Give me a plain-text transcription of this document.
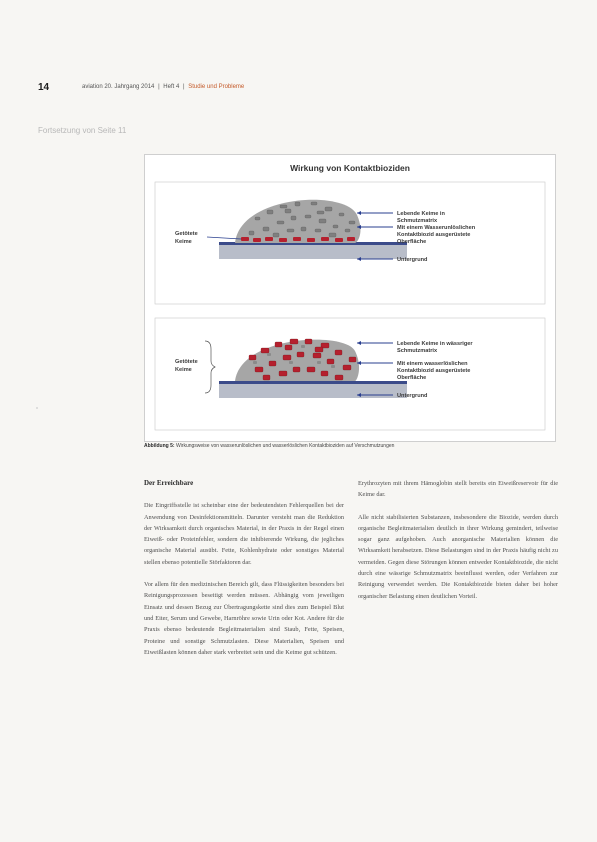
14	aviation 20. Jahrgang 2014 | Heft 4 | Studie und Probleme
Fortsetzung von Seite 11
Wirkung von Kontaktbioziden
Getötete
Keime
Lebende Keime in
Schmutzmatrix
Mit einem Wasserunlöslichen
Kontaktbiozid ausgerüstete
Oberfläche
Untergrund
Getötete
Keime
Lebende Keime in wässriger
Schmutzmatrix
Mit einem wasserlöslichen
Kontaktbiozid ausgerüstete
Oberfläche
Untergrund
Abbildung 5: Wirkungsweise von wasserunlöslichen und wasserlöslichen Kontaktbioziden auf Verschmutzungen
Der Erreichbare
Die Eingriffsstelle ist scheinbar eine der bedeutendsten Fehlerquellen bei der Anwendung von Desinfektionsmitteln. Darunter versteht man die Reduktion der Wirksamkeit durch organisches Material, in der Praxis in der Regel einen Eiweiß- oder Proteinfehler, sondern die inhibierende Wirkung, die jegliches organische Material ausübt. Fette, Kohlenhydrate oder sonstiges Material stellen ebenso potentielle Störfaktoren dar.
Vor allem für den medizinischen Bereich gilt, dass Flüssigkeiten besonders bei Reinigungsprozessen beseitigt werden müssen. Abhängig vom jeweiligen Einsatz und dessen Bezug zur Übertragungskette sind dies zum Beispiel Blut und Eiter, Serum und Gewebe, Harnröhre sowie Urin oder Kot. Andere für die Praxis ebenso bedeutende Begleitmaterialien sind Staub, Fette, Speisen, Proteine und sonstige Schmutzlasten. Diese Materialien, Speisen und Eiweißlasten können daher stark verbreitet sein und die Keime gut schützen.
Erythrozyten mit ihrem Hämoglobin stellt bereits ein Eiweißreservoir für die Keime dar.
Alle nicht stabilisierten Substanzen, insbesondere die Biozide, werden durch organische Begleitmaterialien deutlich in ihrer Wirkung gemindert, teilweise sogar ganz aufgehoben. Auch anorganische Materialien können die Wirksamkeit herabsetzen. Diese Belastungen sind in der Praxis häufig nicht zu vermeiden. Gegen diese Störungen können entweder Kontaktbiozide, die nicht durch eine wässrige Schmutzmatrix beeinflusst werden, oder Verfahren zur Reinigung verwendet werden. Die Kontaktbiozide bieten daher bei hoher organischer Belastung einen deutlichen Vorteil.
